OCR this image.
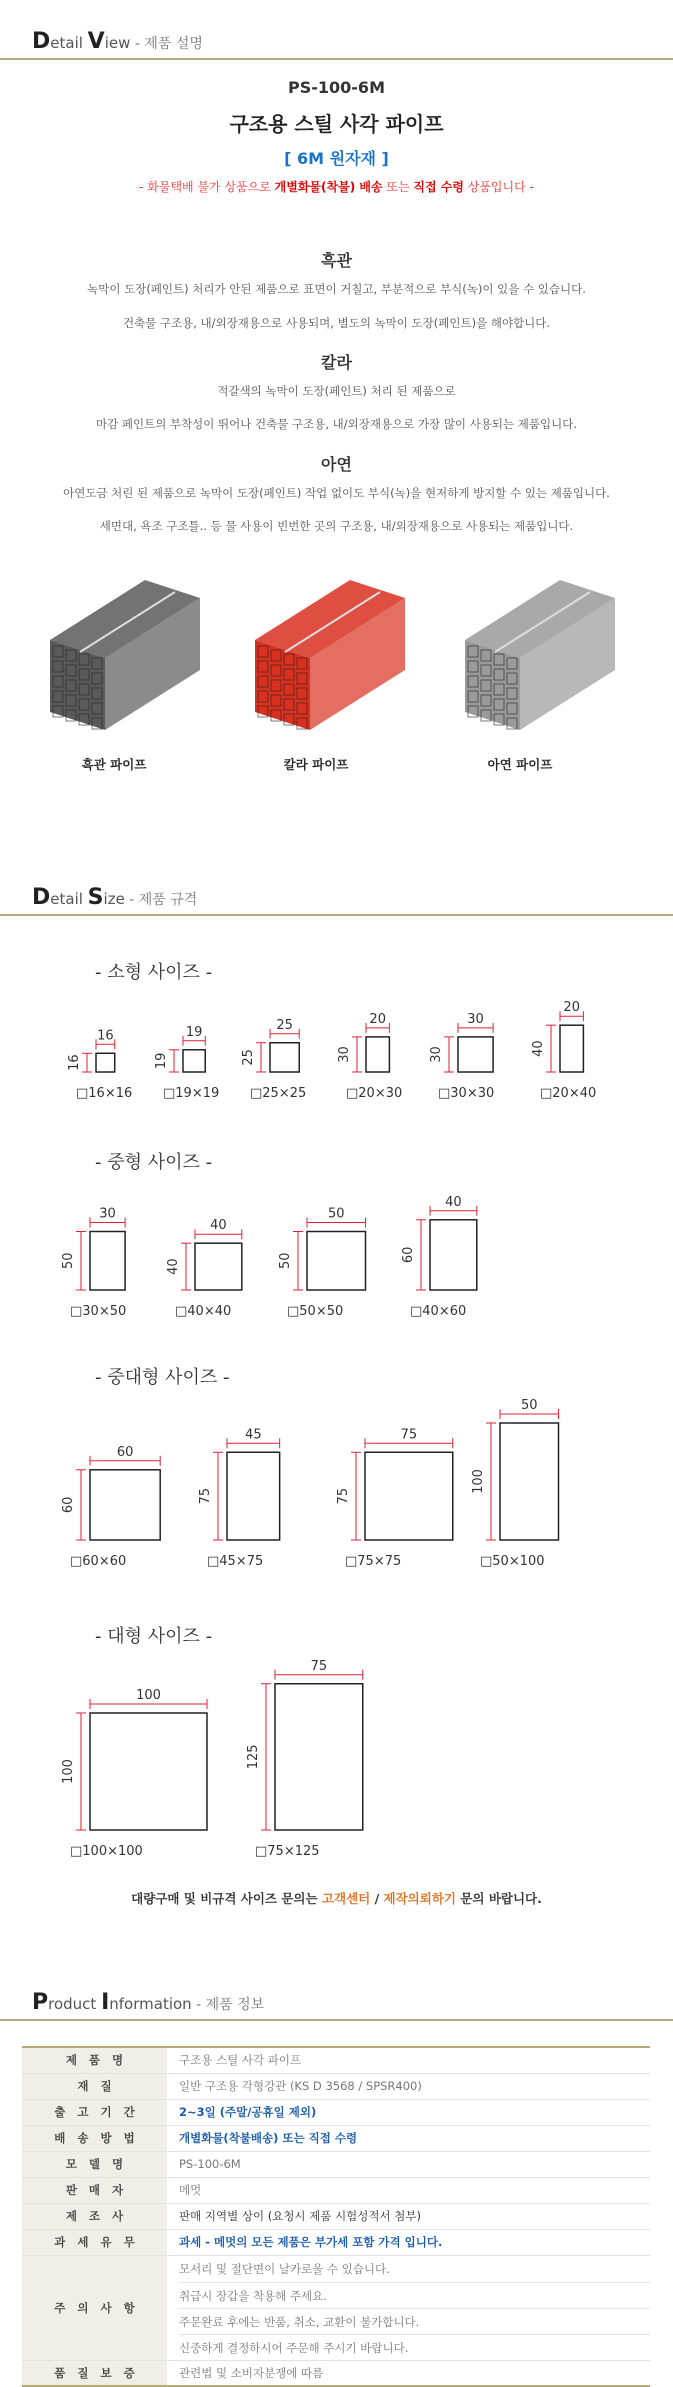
Detail View - 제품 설명
PS-100-6M
구조용 스틸 사각 파이프
[ 6M 원자재 ]
- 화물택배 불가 상품으로 개별화물(착불) 배송 또는 직접 수령 상품입니다 -
흑관
녹막이 도장(페인트) 처리가 안된 제품으로 표면이 거칠고, 부분적으로 부식(녹)이 있을 수 있습니다.
건축물 구조용, 내/외장재용으로 사용되며, 별도의 녹막이 도장(페인트)을 해야합니다.
칼라
적갈색의 녹막이 도장(페인트) 처리 된 제품으로
마감 페인트의 부착성이 뛰어나 건축물 구조용, 내/외장재용으로 가장 많이 사용되는 제품입니다.
아연
아연도금 처린 된 제품으로 녹막이 도장(페인트) 작업 없이도 부식(녹)을 현저하게 방지할 수 있는 제품입니다.
세면대, 욕조 구조틀.. 등 물 사용이 빈번한 곳의 구조용, 내/외장재용으로 사용되는 제품입니다.
흑관 파이프	칼라 파이프	아연 파이프
Detail Size - 제품 규격
- 소형 사이즈 -
- 중형 사이즈 -
- 중대형 사이즈 -
- 대형 사이즈 -
16
16
19
19
25
25
20
30
30
30
20
40
30
50
40
40
50
50
40
60
60
60
45
75
75
75
50
100
100
100
75
125
□16×16 □19×19 □25×25	□20×30	□30×30	□20×40
□30×50	□40×40	□50×50	□40×60
□60×60	□45×75	□75×75	□50×100
□100×100	□75×125
대량구매 및 비규격 사이즈 문의는 고객센터 / 제작의뢰하기 문의 바랍니다.
Product Information - 제품 정보
제품명	구조용 스틸 사각 파이프
재질	일반 구조용 각형강관 (KS D 3568 / SPSR400)
출고기간	2~3일 (주말/공휴일 제외)
배송방법	개별화물(착불배송) 또는 직접 수령
모델명	PS-100-6M
판매자	메멋
제조사	판매 지역별 상이 (요청시 제품 시험성적서 첨부)
과세유무	과세 - 메멋의 모든 제품은 부가세 포함 가격 입니다.
주의사항	모서리 및 절단면이 날카로울 수 있습니다.
취급시 장갑을 착용해 주세요.
주문완료 후에는 반품, 취소, 교환이 불가합니다.
신중하게 결정하시어 주문해 주시기 바랍니다.

품질보증	관련법 및 소비자분쟁에 따름
